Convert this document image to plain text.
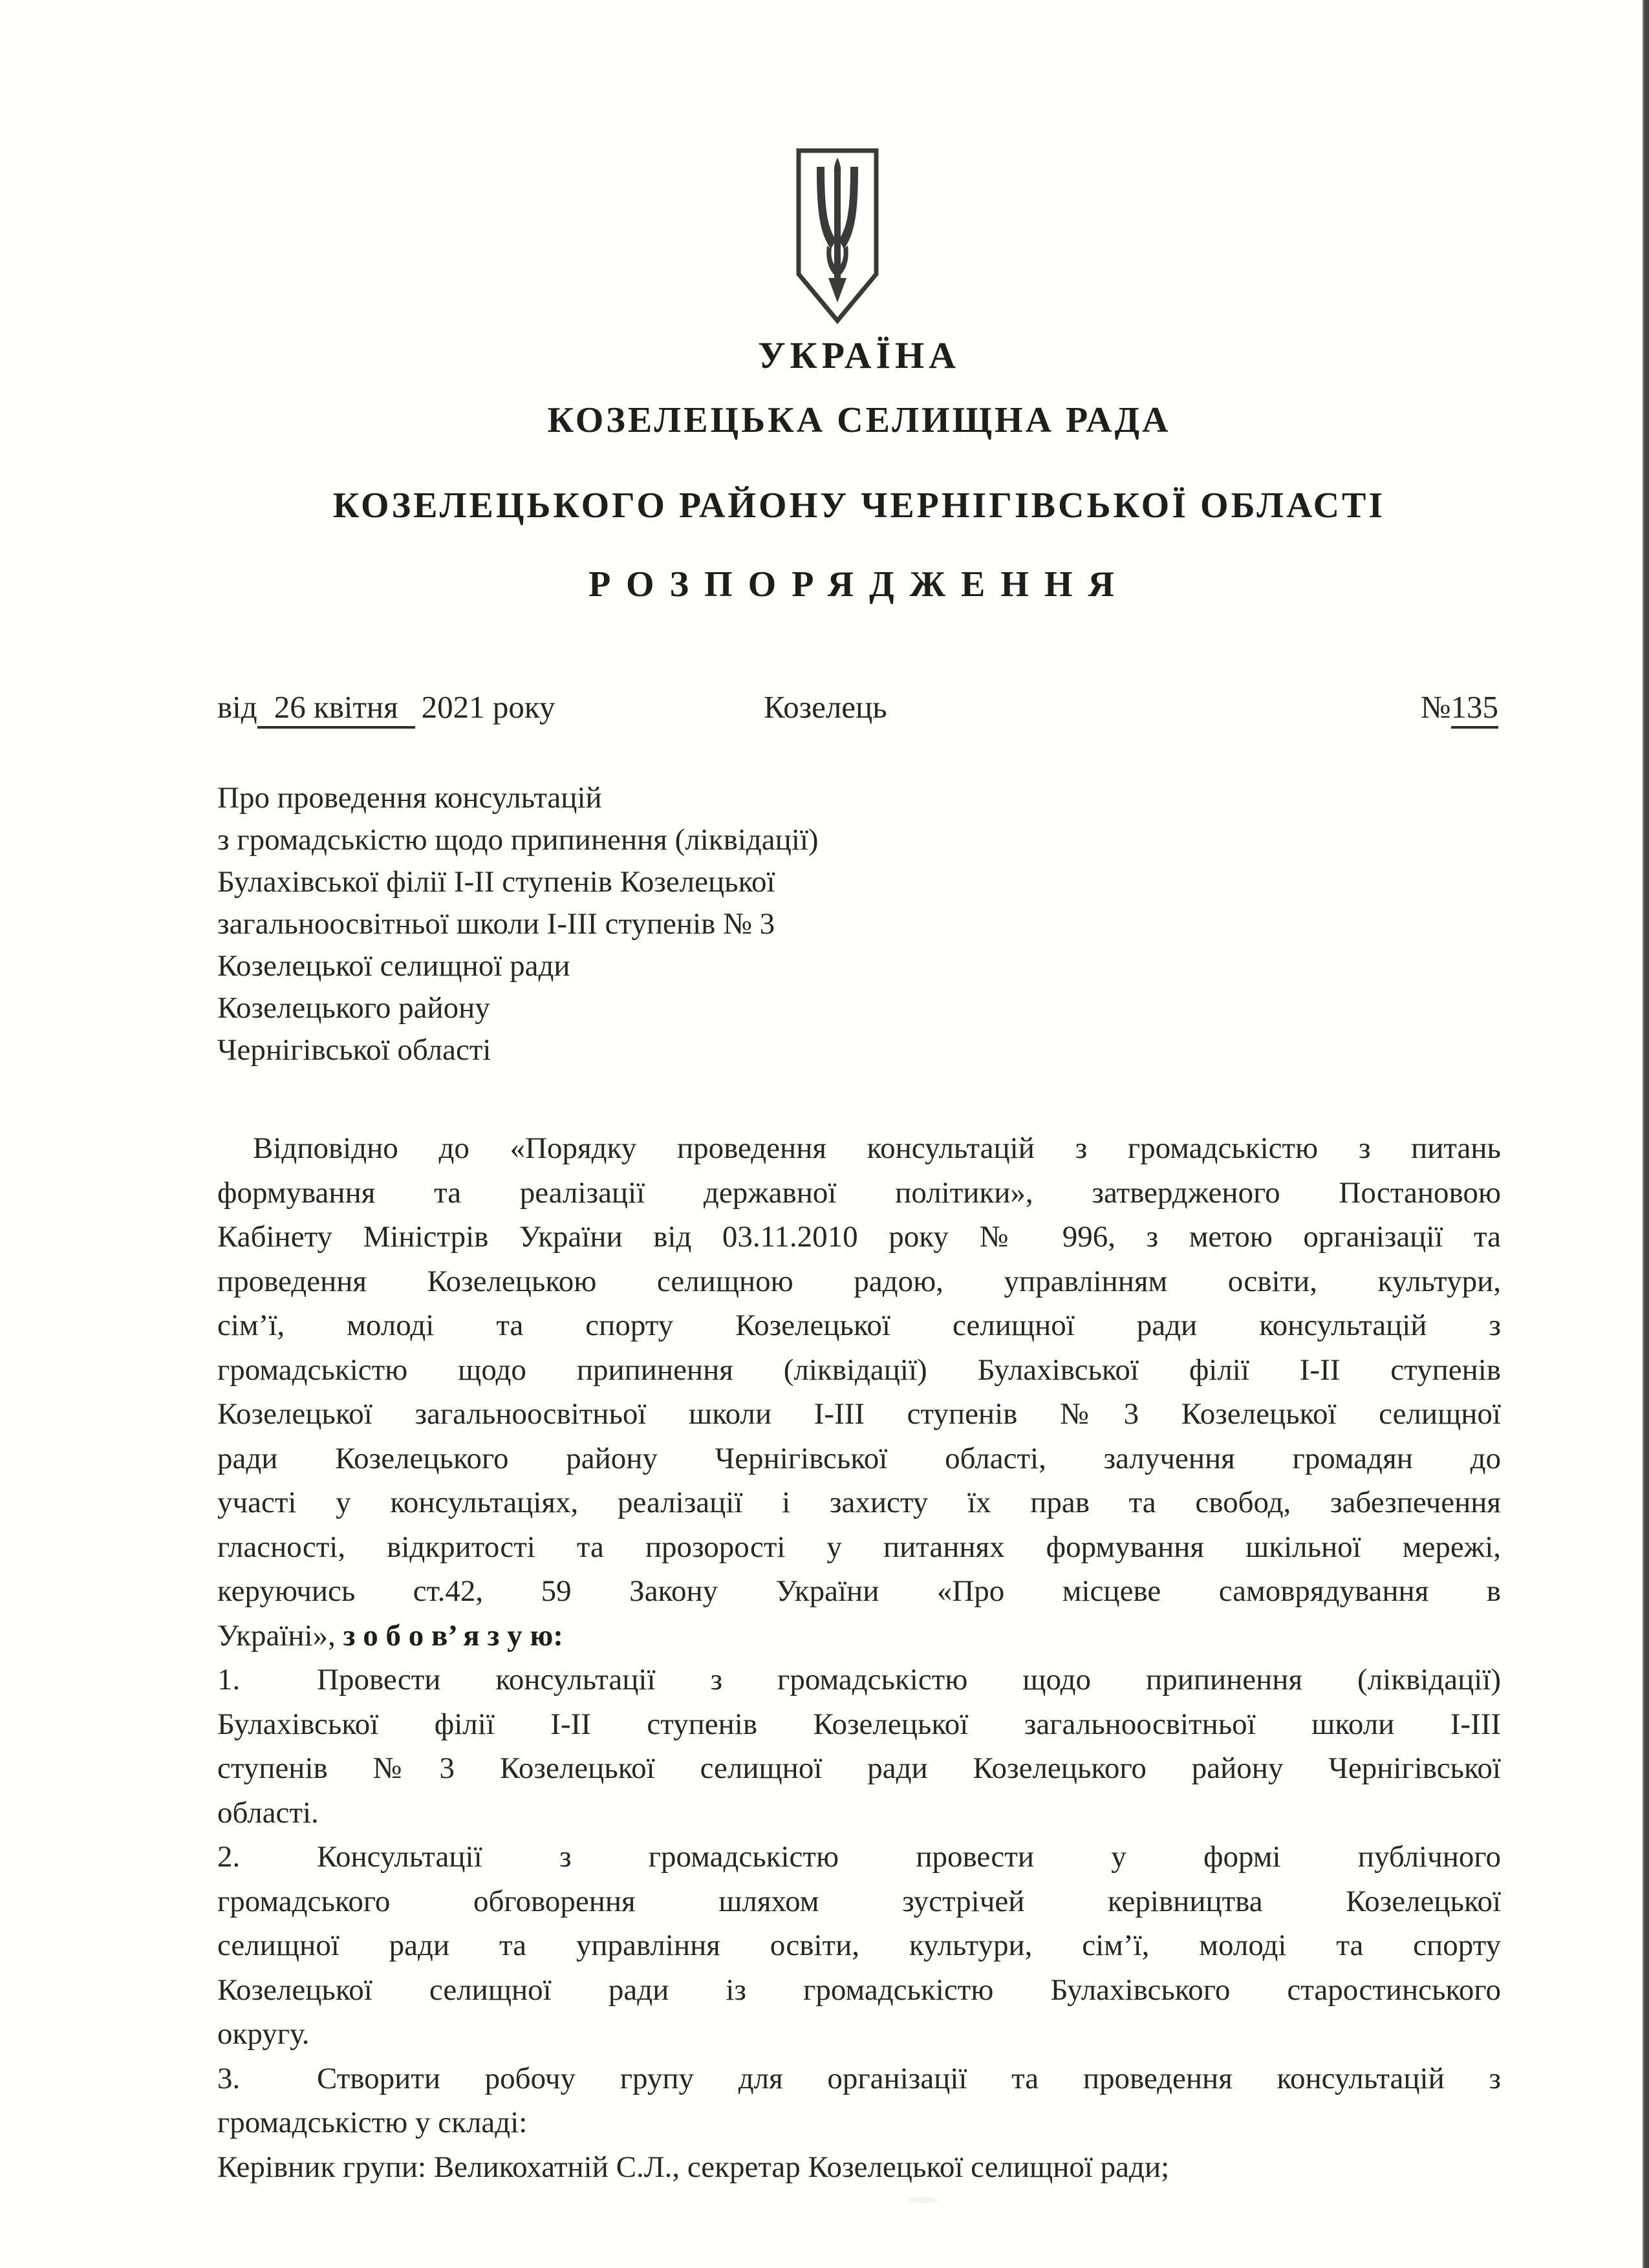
УКРАЇНА
КОЗЕЛЕЦЬКА СЕЛИЩНА РАДА
КОЗЕЛЕЦЬКОГО РАЙОНУ ЧЕРНІГІВСЬКОЇ ОБЛАСТІ
РОЗПОРЯДЖЕННЯ
від 26 квітня 2021 року	Козелець	№135
Про проведення консультацій
з громадськістю щодо припинення (ліквідації)
Булахівської філії І-ІІ ступенів Козелецької
загальноосвітньої школи І-ІІІ ступенів № 3
Козелецької селищної ради
Козелецького району
Чернігівської області
Відповідно до «Порядку проведення консультацій з громадськістю з питань
формування та реалізації державної політики», затвердженого Постановою
Кабінету Міністрів України від 03.11.2010 року № 996, з метою організації та
проведення Козелецькою селищною радою, управлінням освіти, культури,
сім’ї, молоді та спорту Козелецької селищної ради консультацій з
громадськістю щодо припинення (ліквідації) Булахівської філії І-ІІ ступенів
Козелецької загальноосвітньої школи І-ІІІ ступенів №3 Козелецької селищної
ради Козелецького району Чернігівської області, залучення громадян до
участі у консультаціях, реалізації і захисту їх прав та свобод, забезпечення
гласності, відкритості та прозорості у питаннях формування шкільної мережі,
керуючись ст.42, 59 Закону України «Про місцеве самоврядування в
Україні», з о б о в’ я з у ю:
1.	Провести консультації з громадськістю щодо припинення (ліквідації)
Булахівської філії І-ІІ ступенів Козелецької загальноосвітньої школи І-ІІІ
ступенів №3 Козелецької селищної ради Козелецького району Чернігівської
області.
2.	Консультації з громадськістю провести у формі публічного
громадського обговорення шляхом зустрічей керівництва Козелецької
селищної ради та управління освіти, культури, сім’ї, молоді та спорту
Козелецької селищної ради із громадськістю Булахівського старостинського
округу.
3.	Створити робочу групу для організації та проведення консультацій з
громадськістю у складі:
Керівник групи: Великохатній С.Л., секретар Козелецької селищної ради;
